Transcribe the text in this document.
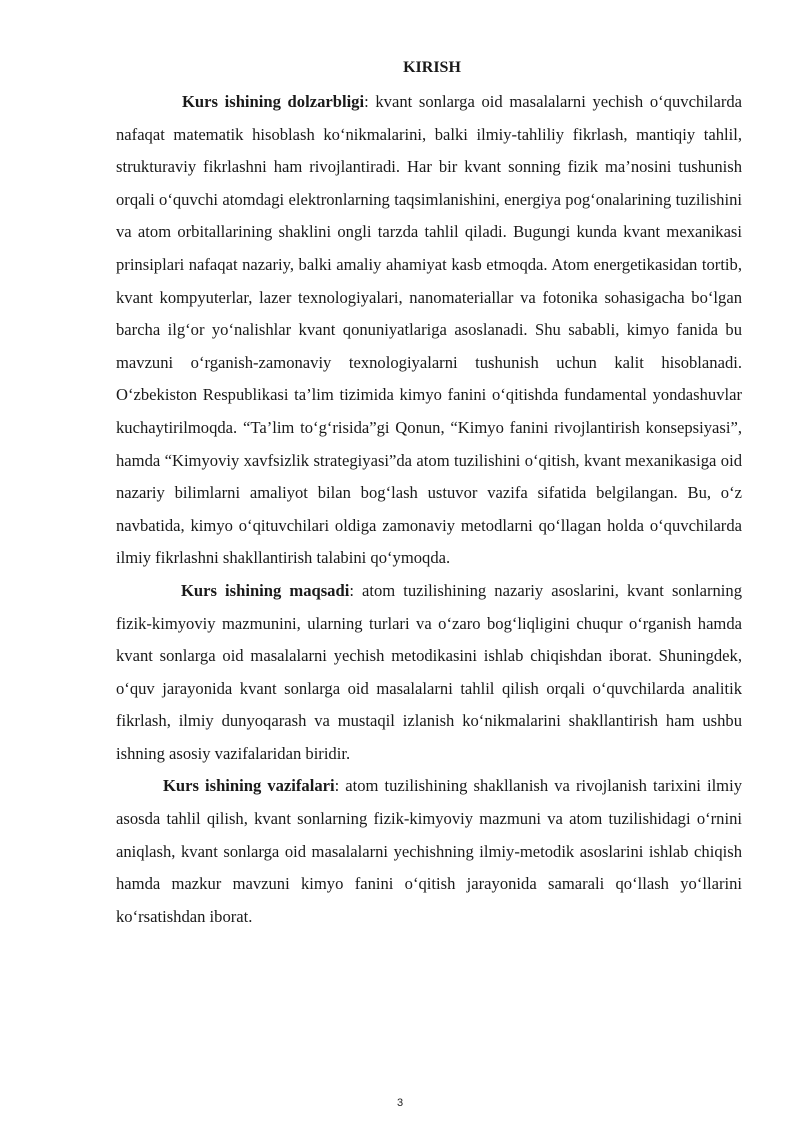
KIRISH

Kurs ishining dolzarbligi: kvant sonlarga oid masalalarni yechish o‘quvchilarda nafaqat matematik hisoblash ko‘nikmalarini, balki ilmiy-tahliliy fikrlash, mantiqiy tahlil, strukturaviy fikrlashni ham rivojlantiradi. Har bir kvant sonning fizik ma’nosini tushunish orqali o‘quvchi atomdagi elektronlarning taqsimlanishini, energiya pog‘onalarining tuzilishini va atom orbitallarining shaklini ongli tarzda tahlil qiladi. Bugungi kunda kvant mexanikasi prinsiplari nafaqat nazariy, balki amaliy ahamiyat kasb etmoqda. Atom energetikasidan tortib, kvant kompyuterlar, lazer texnologiyalari, nanomateriallar va fotonika sohasigacha bo‘lgan barcha ilg‘or yo‘nalishlar kvant qonuniyatlariga asoslanadi. Shu sababli, kimyo fanida bu mavzuni o‘rganish-zamonaviy texnologiyalarni tushunish uchun kalit hisoblanadi. O‘zbekiston Respublikasi ta’lim tizimida kimyo fanini o‘qitishda fundamental yondashuvlar kuchaytirilmoqda. “Ta’lim to‘g‘risida”gi Qonun, “Kimyo fanini rivojlantirish konsepsiyasi”, hamda “Kimyoviy xavfsizlik strategiyasi”da atom tuzilishini o‘qitish, kvant mexanikasiga oid nazariy bilimlarni amaliyot bilan bog‘lash ustuvor vazifa sifatida belgilangan. Bu, o‘z navbatida, kimyo o‘qituvchilari oldiga zamonaviy metodlarni qo‘llagan holda o‘quvchilarda ilmiy fikrlashni shakllantirish talabini qo‘ymoqda.

Kurs ishining maqsadi: atom tuzilishining nazariy asoslarini, kvant sonlarning fizik-kimyoviy mazmunini, ularning turlari va o‘zaro bog‘liqligini chuqur o‘rganish hamda kvant sonlarga oid masalalarni yechish metodikasini ishlab chiqishdan iborat. Shuningdek, o‘quv jarayonida kvant sonlarga oid masalalarni tahlil qilish orqali o‘quvchilarda analitik fikrlash, ilmiy dunyoqarash va mustaqil izlanish ko‘nikmalarini shakllantirish ham ushbu ishning asosiy vazifalaridan biridir.

Kurs ishining vazifalari: atom tuzilishining shakllanish va rivojlanish tarixini ilmiy asosda tahlil qilish, kvant sonlarning fizik-kimyoviy mazmuni va atom tuzilishidagi o‘rnini aniqlash, kvant sonlarga oid masalalarni yechishning ilmiy-metodik asoslarini ishlab chiqish hamda mazkur mavzuni kimyo fanini o‘qitish jarayonida samarali qo‘llash yo‘llarini ko‘rsatishdan iborat.

3
